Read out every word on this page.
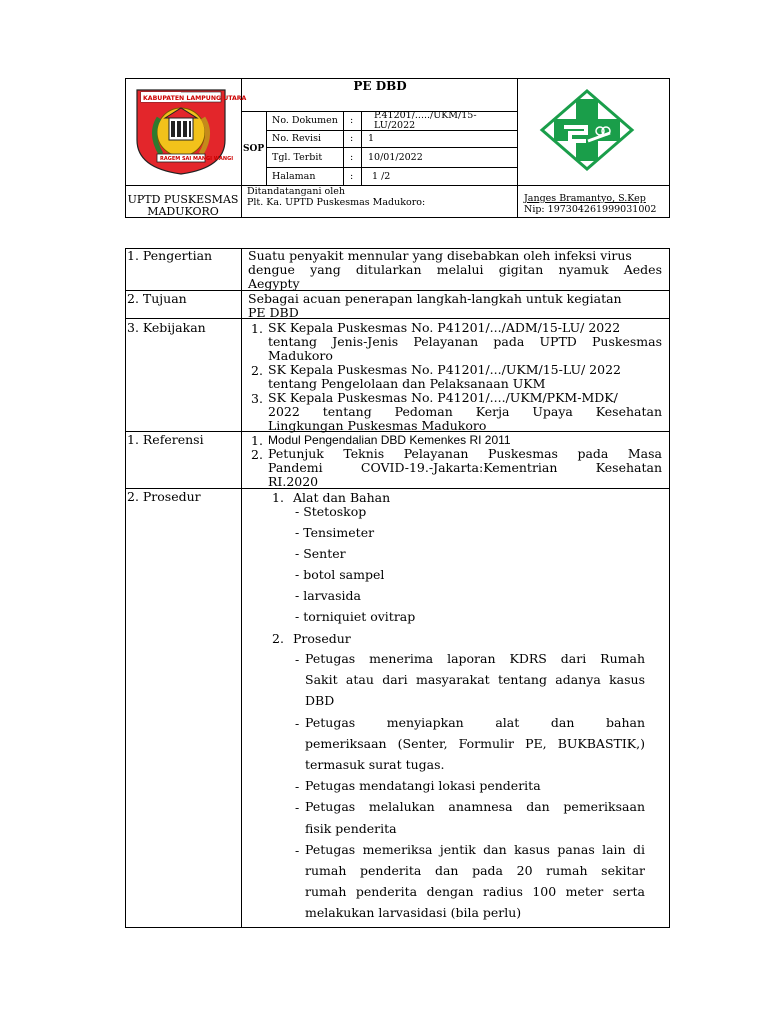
KABUPATEN LAMPUNG UTARA
RAGEM SAI MANGI WANGI
UPTD PUSKESMAS
MADUKORO
PE DBD
SOP
No. Dokumen : P.41201/...../UKM/15-
LU/2022
No. Revisi	: 1
Tgl. Terbit	: 10/01/2022
Halaman	: 1 /2
Ditandatangani oleh
Plt. Ka. UPTD Puskesmas Madukoro:	Janges Bramantyo, S.Kep
Nip: 197304261999031002
1. Pengertian	Suatu penyakit mennular yang disebabkan oleh infeksi virus
dengue yang ditularkan melalui gigitan nyamuk Aedes
Aegypty
2. Tujuan	Sebagai acuan penerapan langkah-langkah untuk kegiatan
PE DBD
3. Kebijakan	1. SK Kepala Puskesmas No. P41201/.../ADM/15-LU/ 2022
tentang Jenis-Jenis Pelayanan pada UPTD Puskesmas
Madukoro
2. SK Kepala Puskesmas No. P41201/.../UKM/15-LU/ 2022
tentang Pengelolaan dan Pelaksanaan UKM
3. SK Kepala Puskesmas No. P41201/..../UKM/PKM-MDK/
2022 tentang Pedoman Kerja Upaya Kesehatan
Lingkungan Puskesmas Madukoro
1. Referensi	1. Modul Pengendalian DBD Kemenkes RI 2011
2. Petunjuk Teknis Pelayanan Puskesmas pada Masa
Pandemi COVID-19.-Jakarta:Kementrian Kesehatan
RI.2020
2. Prosedur	1. Alat dan Bahan
- Stetoskop
- Tensimeter
- Senter
- botol sampel
- larvasida
- torniquiet ovitrap
2. Prosedur
- Petugas menerima laporan KDRS dari Rumah
Sakit atau dari masyarakat tentang adanya kasus
DBD
- Petugas menyiapkan alat dan bahan
pemeriksaan (Senter, Formulir PE, BUKBASTIK,)
termasuk surat tugas.
- Petugas mendatangi lokasi penderita
- Petugas melalukan anamnesa dan pemeriksaan
fisik penderita
- Petugas memeriksa jentik dan kasus panas lain di
rumah penderita dan pada 20 rumah sekitar
rumah penderita dengan radius 100 meter serta
melakukan larvasidasi (bila perlu)
